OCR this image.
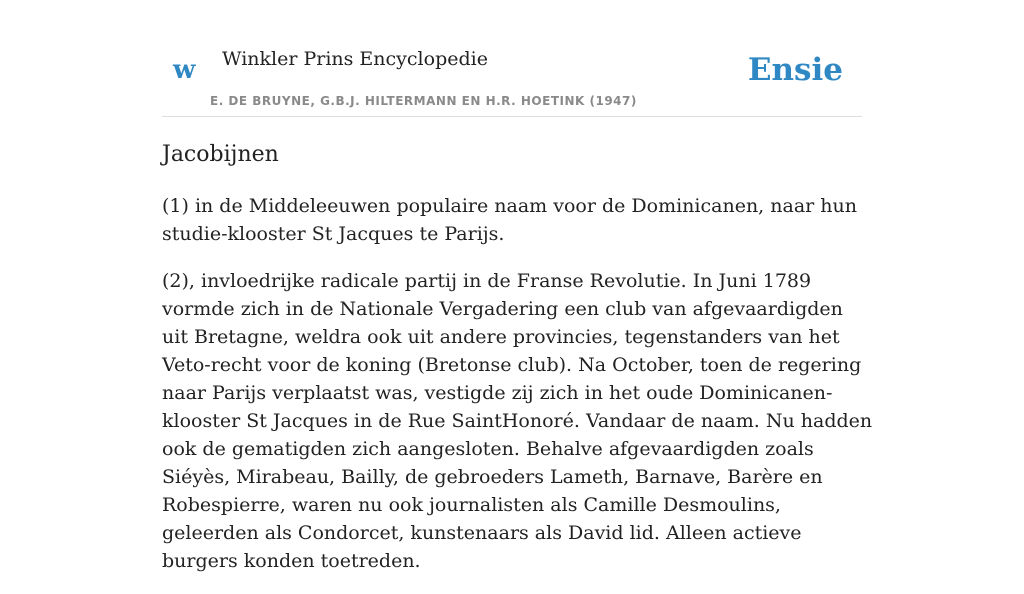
w Winkler Prins Encyclopedie
E. DE BRUYNE, G.B.J. HILTERMANN EN H.R. HOETINK (1947)
Ensie
Jacobijnen

(1) in de Middeleeuwen populaire naam voor de Dominicanen, naar hun studie-klooster St Jacques te Parijs.

(2), invloedrijke radicale partij in de Franse Revolutie. In Juni 1789 vormde zich in de Nationale Vergadering een club van afgevaardigden uit Bretagne, weldra ook uit andere provincies, tegenstanders van het Veto-recht voor de koning (Bretonse club). Na October, toen de regering naar Parijs verplaatst was, vestigde zij zich in het oude Dominicanen-klooster St Jacques in de Rue SaintHonoré. Vandaar de naam. Nu hadden ook de gematigden zich aangesloten. Behalve afgevaardigden zoals Siéyès, Mirabeau, Bailly, de gebroeders Lameth, Barnave, Barère en Robespierre, waren nu ook journalisten als Camille Desmoulins, geleerden als Condorcet, kunstenaars als David lid. Alleen actieve burgers konden toetreden.
